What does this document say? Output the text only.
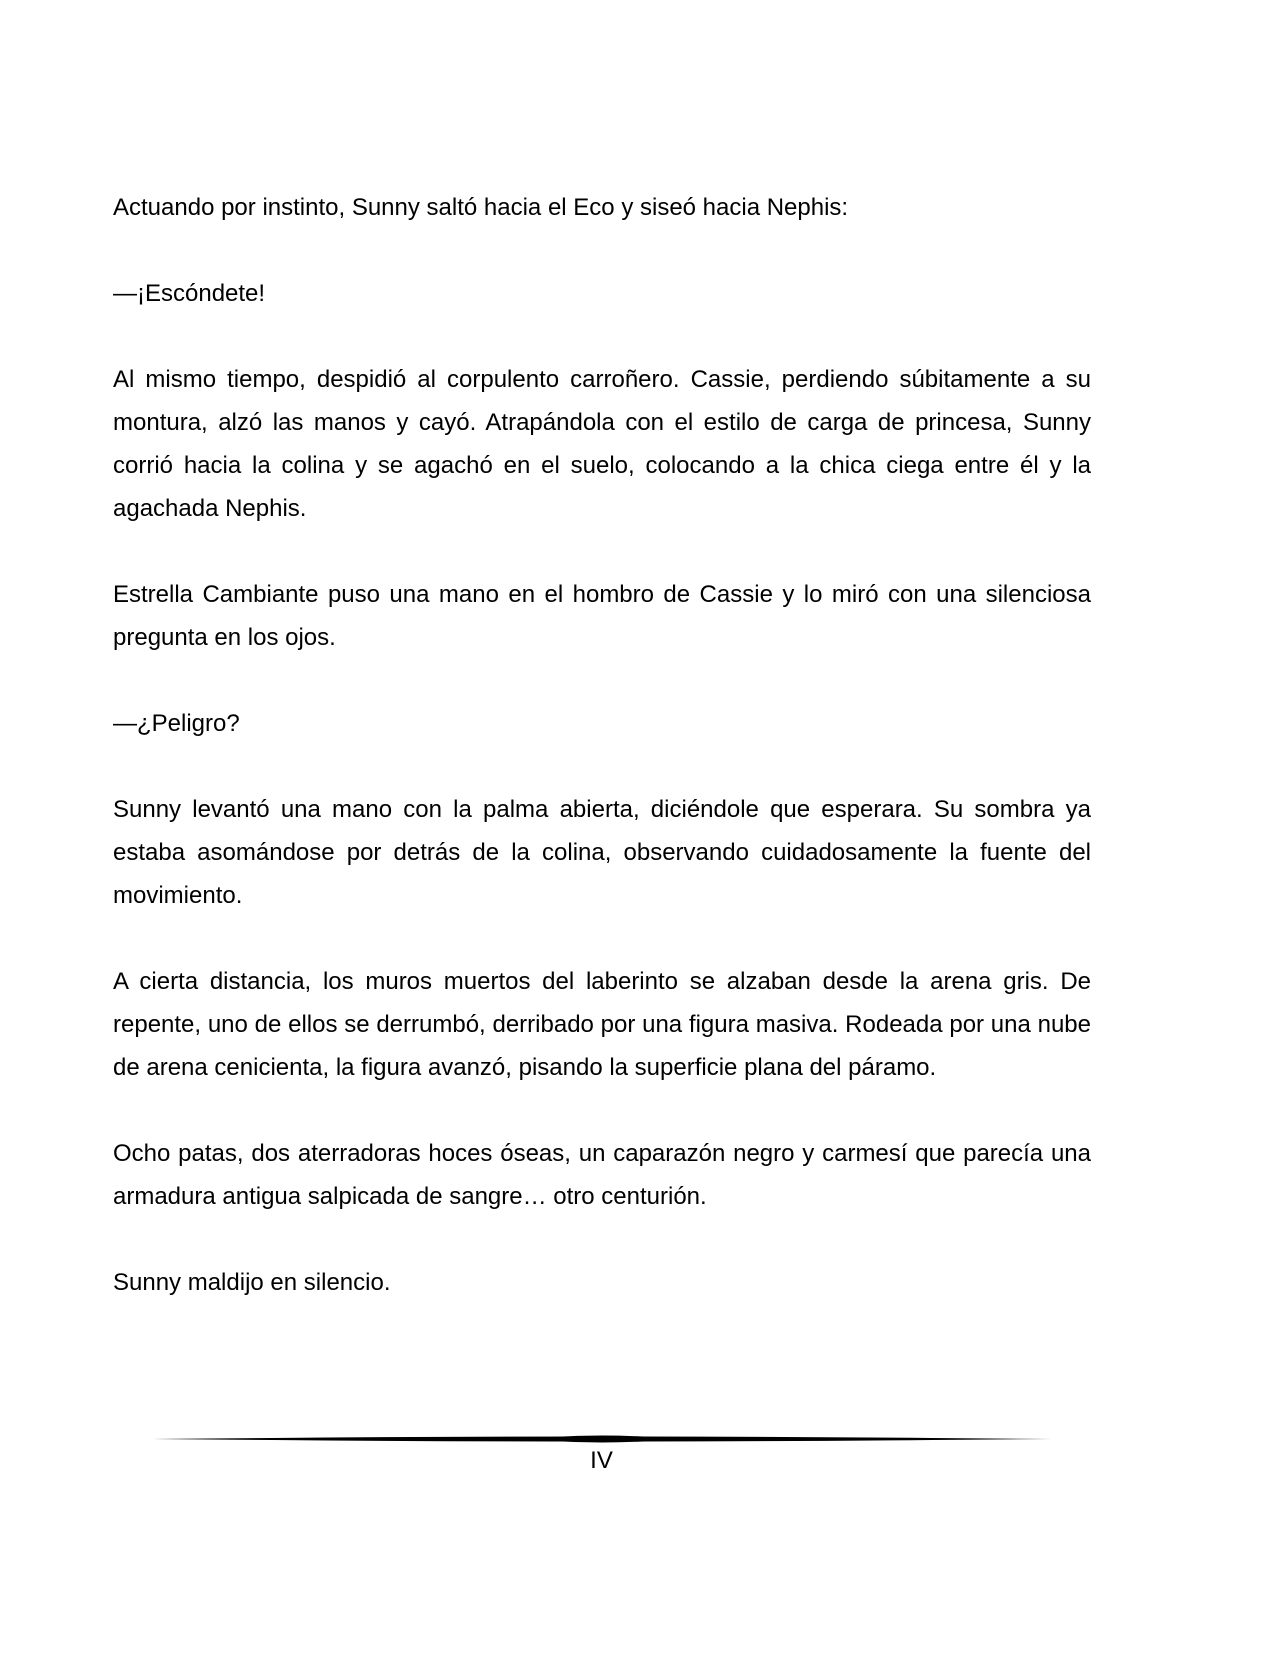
Actuando por instinto, Sunny saltó hacia el Eco y siseó hacia Nephis:

—¡Escóndete!

Al mismo tiempo, despidió al corpulento carroñero. Cassie, perdiendo súbitamente a su montura, alzó las manos y cayó. Atrapándola con el estilo de carga de princesa, Sunny corrió hacia la colina y se agachó en el suelo, colocando a la chica ciega entre él y la agachada Nephis.

Estrella Cambiante puso una mano en el hombro de Cassie y lo miró con una silenciosa pregunta en los ojos.

—¿Peligro?

Sunny levantó una mano con la palma abierta, diciéndole que esperara. Su sombra ya estaba asomándose por detrás de la colina, observando cuidadosamente la fuente del movimiento.

A cierta distancia, los muros muertos del laberinto se alzaban desde la arena gris. De repente, uno de ellos se derrumbó, derribado por una figura masiva. Rodeada por una nube de arena cenicienta, la figura avanzó, pisando la superficie plana del páramo.

Ocho patas, dos aterradoras hoces óseas, un caparazón negro y carmesí que parecía una armadura antigua salpicada de sangre… otro centurión.

Sunny maldijo en silencio.

IV
